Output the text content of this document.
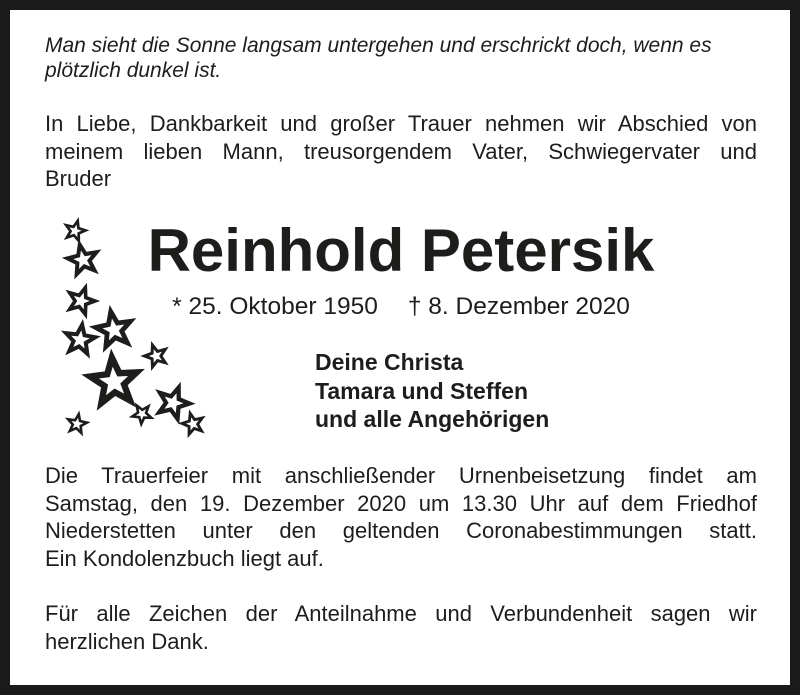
Man sieht die Sonne langsam untergehen und erschrickt doch, wenn es
plötzlich dunkel ist.
In Liebe, Dankbarkeit und großer Trauer nehmen wir Abschied von
meinem lieben Mann, treusorgendem Vater, Schwiegervater und
Bruder
Reinhold Petersik
* 25. Oktober 1950 † 8. Dezember 2020
Deine Christa
Tamara und Steffen
und alle Angehörigen
Die Trauerfeier mit anschließender Urnenbeisetzung findet am
Samstag, den 19. Dezember 2020 um 13.30 Uhr auf dem Friedhof
Niederstetten unter den geltenden Coronabestimmungen statt.
Ein Kondolenzbuch liegt auf.
Für alle Zeichen der Anteilnahme und Verbundenheit sagen wir
herzlichen Dank.
